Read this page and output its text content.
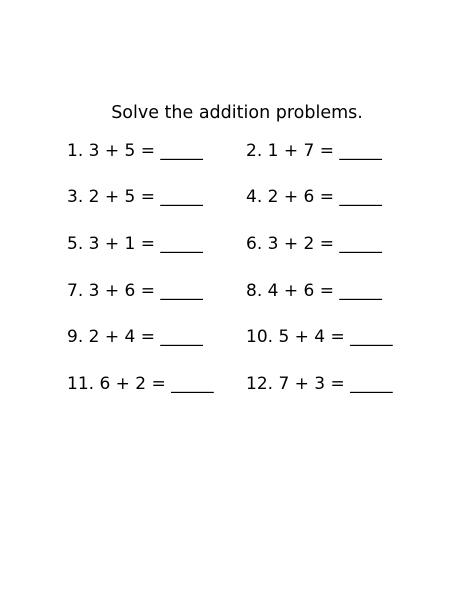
Solve the addition problems.
1. 3 + 5 = _____	2. 1 + 7 = _____
3. 2 + 5 = _____	4. 2 + 6 = _____
5. 3 + 1 = _____	6. 3 + 2 = _____
7. 3 + 6 = _____	8. 4 + 6 = _____
9. 2 + 4 = _____	10. 5 + 4 = _____
11. 6 + 2 = _____ 12. 7 + 3 = _____
